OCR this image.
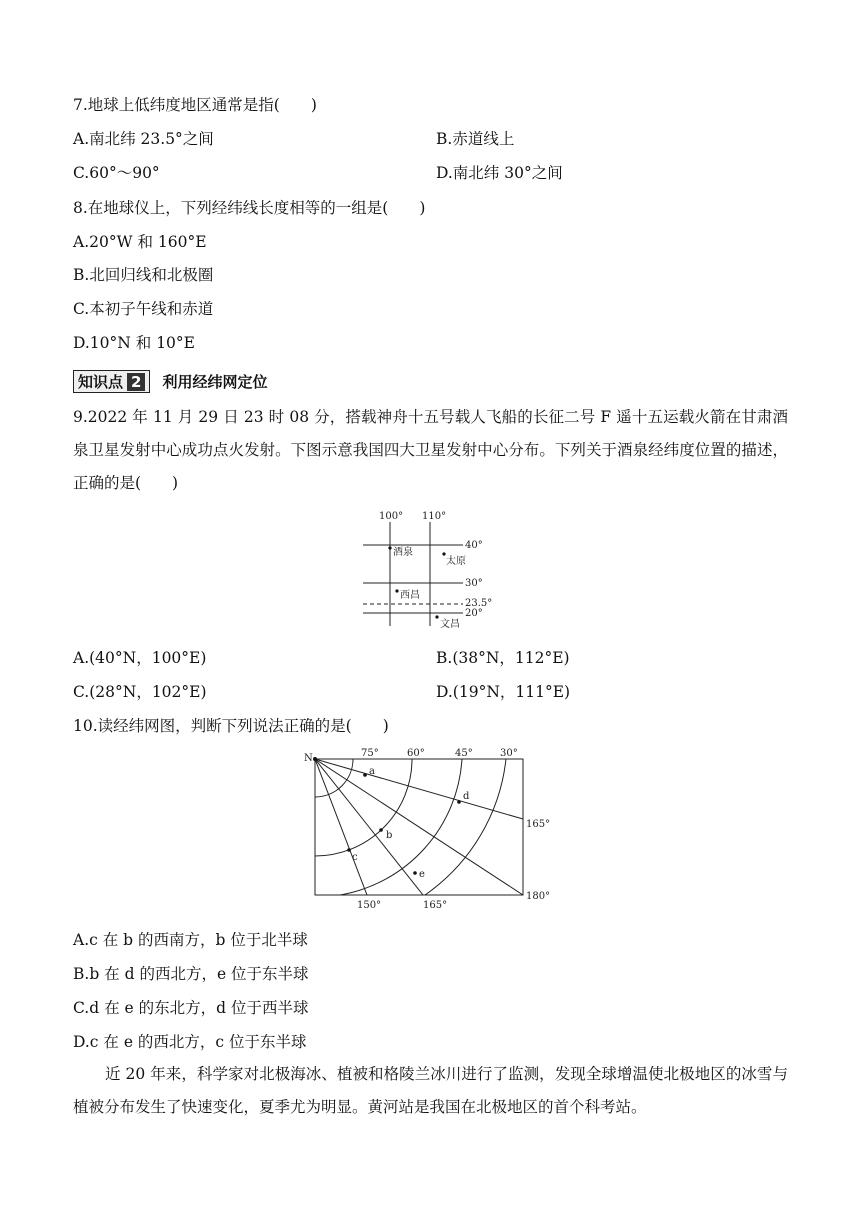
7.地球上低纬度地区通常是指(　　)
A.南北纬 23.5°之间	B.赤道线上
C.60°～90°	D.南北纬 30°之间
8.在地球仪上，下列经纬线长度相等的一组是(　　)
A.20°W 和 160°E
B.北回归线和北极圈
C.本初子午线和赤道
D.10°N 和 10°E
知识点 2 利用经纬网定位
9.2022 年 11 月 29 日 23 时 08 分，搭载神舟十五号载人飞船的长征二号 F 遥十五运载火箭在甘肃酒泉卫星发射中心成功点火发射。下图示意我国四大卫星发射中心分布。下列关于酒泉经纬度位置的描述，正确的是(　　)
100° 110°
40°
30°
23.5°
20°
酒泉
太原
西昌
文昌
A.(40°N，100°E)	B.(38°N，112°E)
C.(28°N，102°E)	D.(19°N，111°E)
10.读经纬网图，判断下列说法正确的是(　　)
N	75°	60°	45°	30°
165°
180°
150°	165°
a
b
c
d
e
A.c 在 b 的西南方，b 位于北半球
B.b 在 d 的西北方，e 位于东半球
C.d 在 e 的东北方，d 位于西半球
D.c 在 e 的西北方，c 位于东半球
近 20 年来，科学家对北极海冰、植被和格陵兰冰川进行了监测，发现全球增温使北极地区的冰雪与植被分布发生了快速变化，夏季尤为明显。黄河站是我国在北极地区的首个科考站。
